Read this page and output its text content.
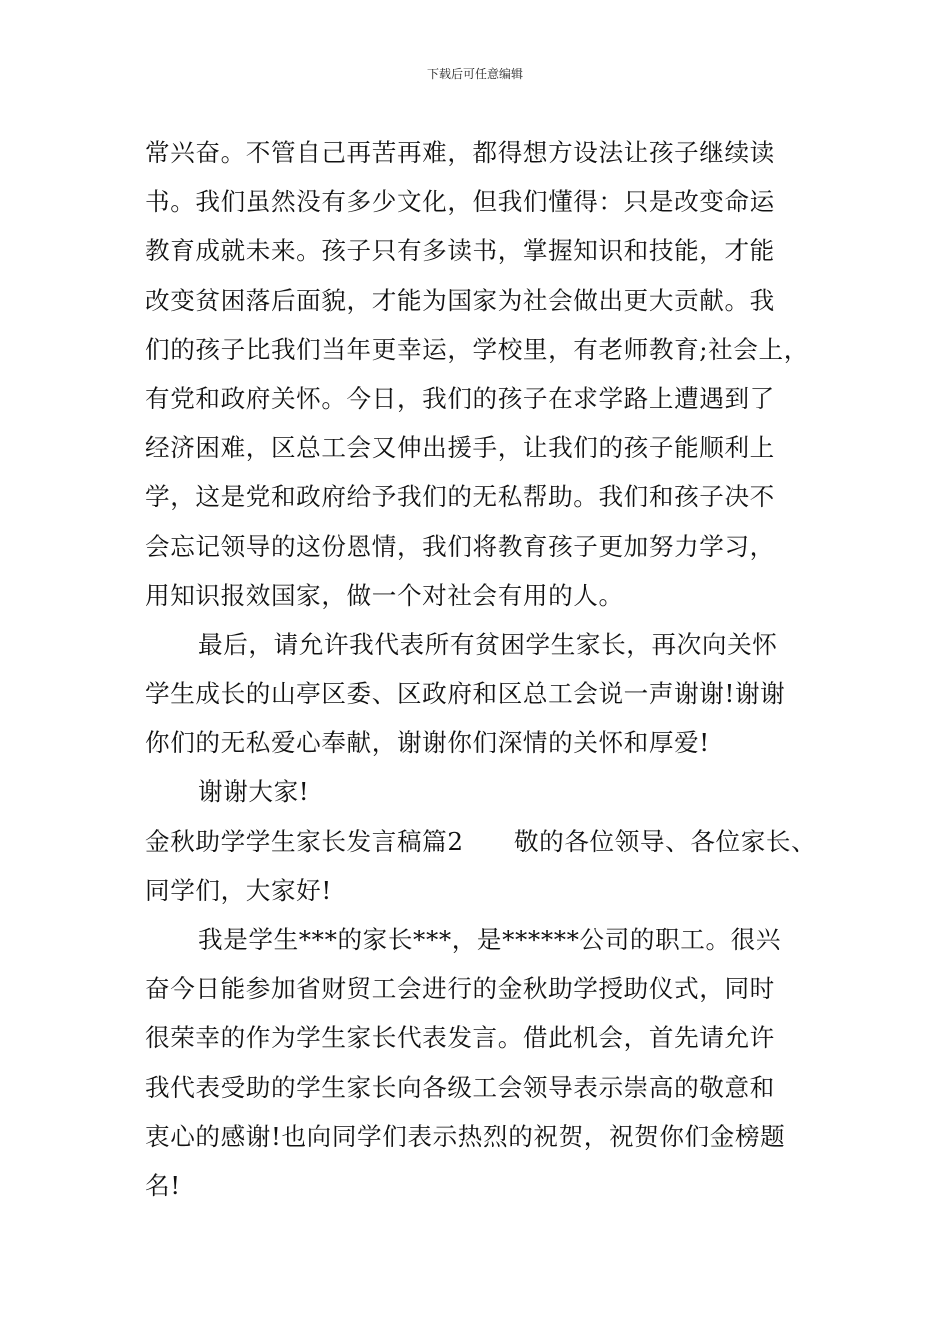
下载后可任意编辑
常兴奋。不管自己再苦再难，都得想方设法让孩子继续读
书。我们虽然没有多少文化，但我们懂得：只是改变命运
教育成就未来。孩子只有多读书，掌握知识和技能，才能
改变贫困落后面貌，才能为国家为社会做出更大贡献。我
们的孩子比我们当年更幸运，学校里，有老师教育;社会上，
有党和政府关怀。今日，我们的孩子在求学路上遭遇到了
经济困难，区总工会又伸出援手，让我们的孩子能顺利上
学，这是党和政府给予我们的无私帮助。我们和孩子决不
会忘记领导的这份恩情，我们将教育孩子更加努力学习，
用知识报效国家，做一个对社会有用的人。
最后，请允许我代表所有贫困学生家长，再次向关怀
学生成长的山亭区委、区政府和区总工会说一声谢谢!谢谢
你们的无私爱心奉献，谢谢你们深情的关怀和厚爱!
谢谢大家!
金秋助学学生家长发言稿篇2　　敬的各位领导、各位家长、
同学们，大家好!
我是学生***的家长***，是******公司的职工。很兴
奋今日能参加省财贸工会进行的金秋助学授助仪式，同时
很荣幸的作为学生家长代表发言。借此机会，首先请允许
我代表受助的学生家长向各级工会领导表示崇高的敬意和
衷心的感谢!也向同学们表示热烈的祝贺，祝贺你们金榜题
名!
